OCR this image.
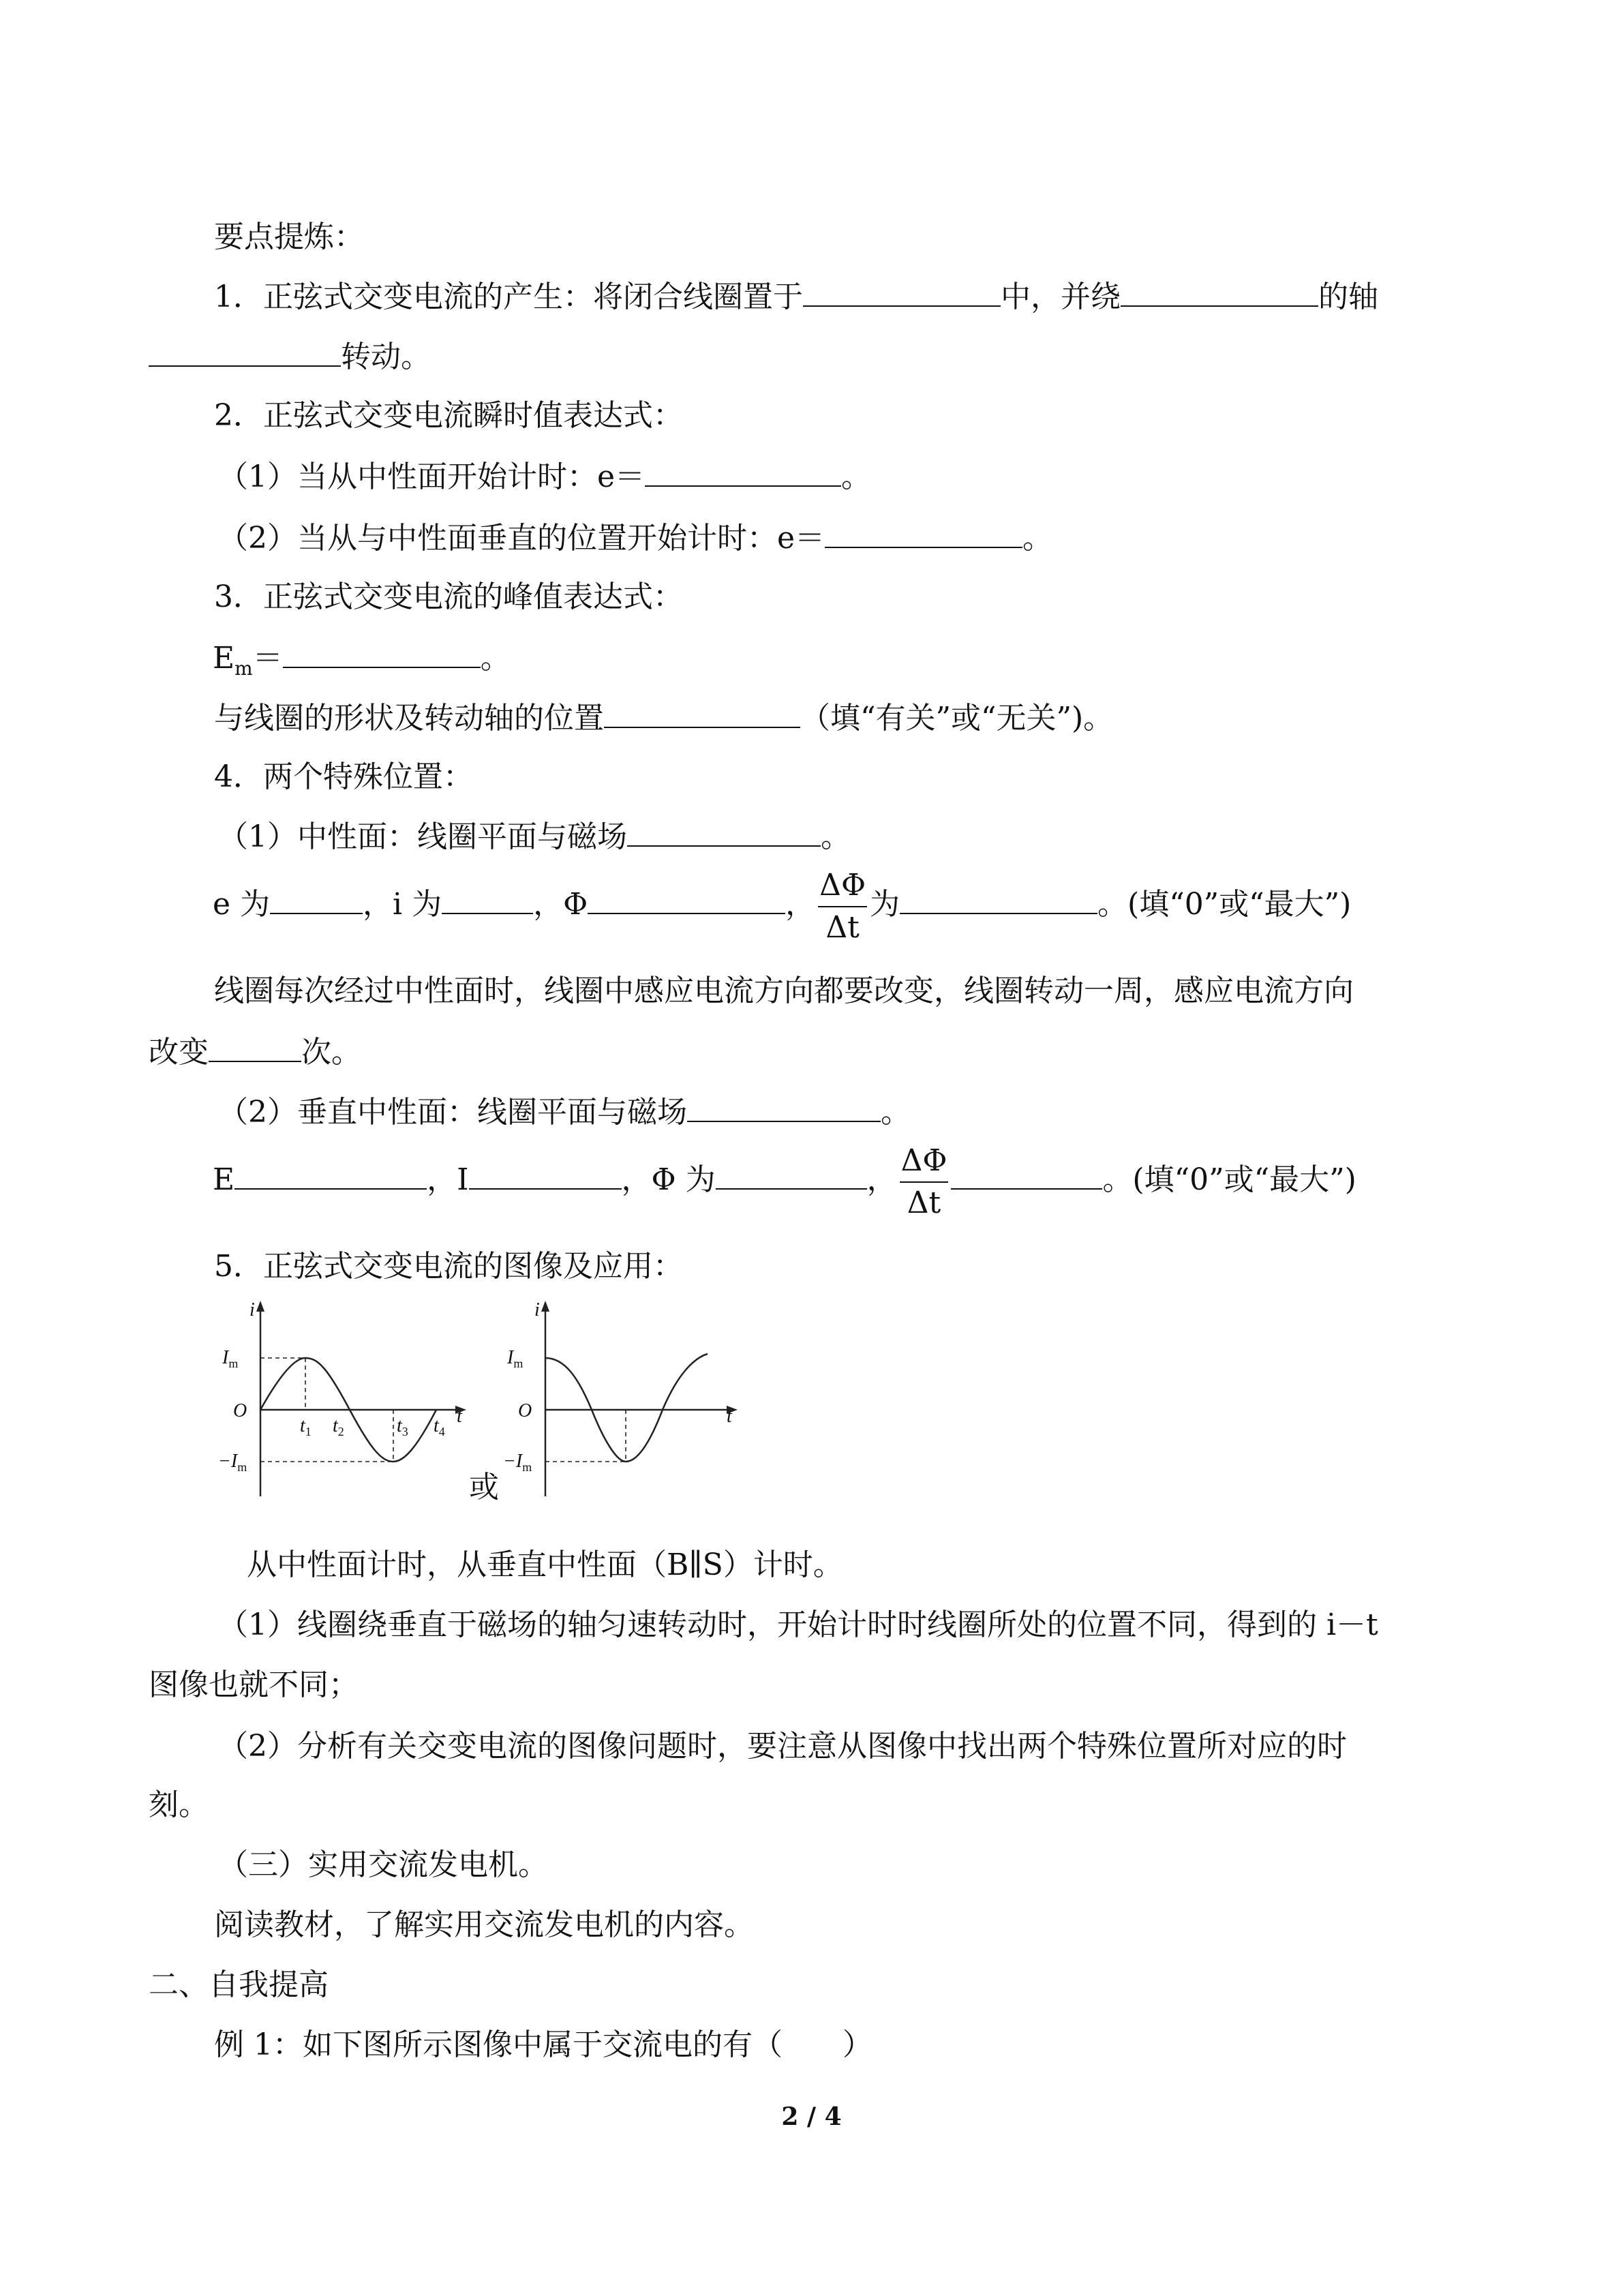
要点提炼：
1．正弦式交变电流的产生：将闭合线圈置于	中，并绕	的轴
转动。
2．正弦式交变电流瞬时值表达式：
（1）当从中性面开始计时：e＝	。
（2）当从与中性面垂直的位置开始计时：e＝	。
3．正弦式交变电流的峰值表达式：
$E_m=$	。
与线圈的形状及转动轴的位置	（填“有关”或“无关”)。
4．两个特殊位置：
（1）中性面：线圈平面与磁场	。
e 为	，i 为	，Φ	， $\frac{\Delta\Phi}{\Delta t}$ 为	。(填“0”或“最大”)
线圈每次经过中性面时，线圈中感应电流方向都要改变，线圈转动一周，感应电流方向
改变	次。
（2）垂直中性面：线圈平面与磁场	。
E	，I	，Φ 为	， $\frac{\Delta\Phi}{\Delta t}$	。(填“0”或“最大”)
5．正弦式交变电流的图像及应用：
i
$I_m$
O
$t_1$ $t_2$	$t_3$ $t_4$
t
$-I_m$
或
i
$I_m$
O	t
$-I_m$
从中性面计时，从垂直中性面（B∥S）计时。
（1）线圈绕垂直于磁场的轴匀速转动时，开始计时时线圈所处的位置不同，得到的 i－t
图像也就不同；
（2）分析有关交变电流的图像问题时，要注意从图像中找出两个特殊位置所对应的时
刻。
（三）实用交流发电机。
阅读教材，了解实用交流发电机的内容。
二、自我提高
例 1：如下图所示图像中属于交流电的有（　　）
2 / 4
